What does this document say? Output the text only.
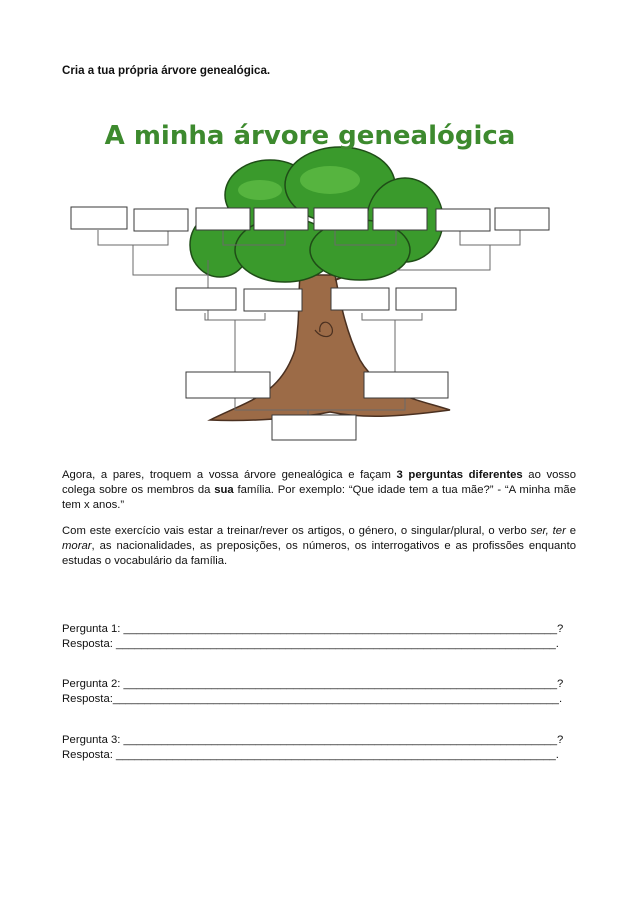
Cria a tua própria árvore genealógica.
A minha árvore genealógica

Agora, a pares, troquem a vossa árvore genealógica e façam 3 perguntas diferentes ao vosso colega sobre os membros da sua família. Por exemplo: “Que idade tem a tua mãe?” - “A minha mãe tem x anos.”

Com este exercício vais estar a treinar/rever os artigos, o género, o singular/plural, o verbo ser, ter e morar, as nacionalidades, as preposições, os números, os interrogativos e as profissões enquanto estudas o vocabulário da família.

Pergunta 1: _____________________________________________________________________?
Resposta: ______________________________________________________________________.
Pergunta 2: _____________________________________________________________________?
Resposta:_______________________________________________________________________.
Pergunta 3: _____________________________________________________________________?
Resposta: ______________________________________________________________________.
